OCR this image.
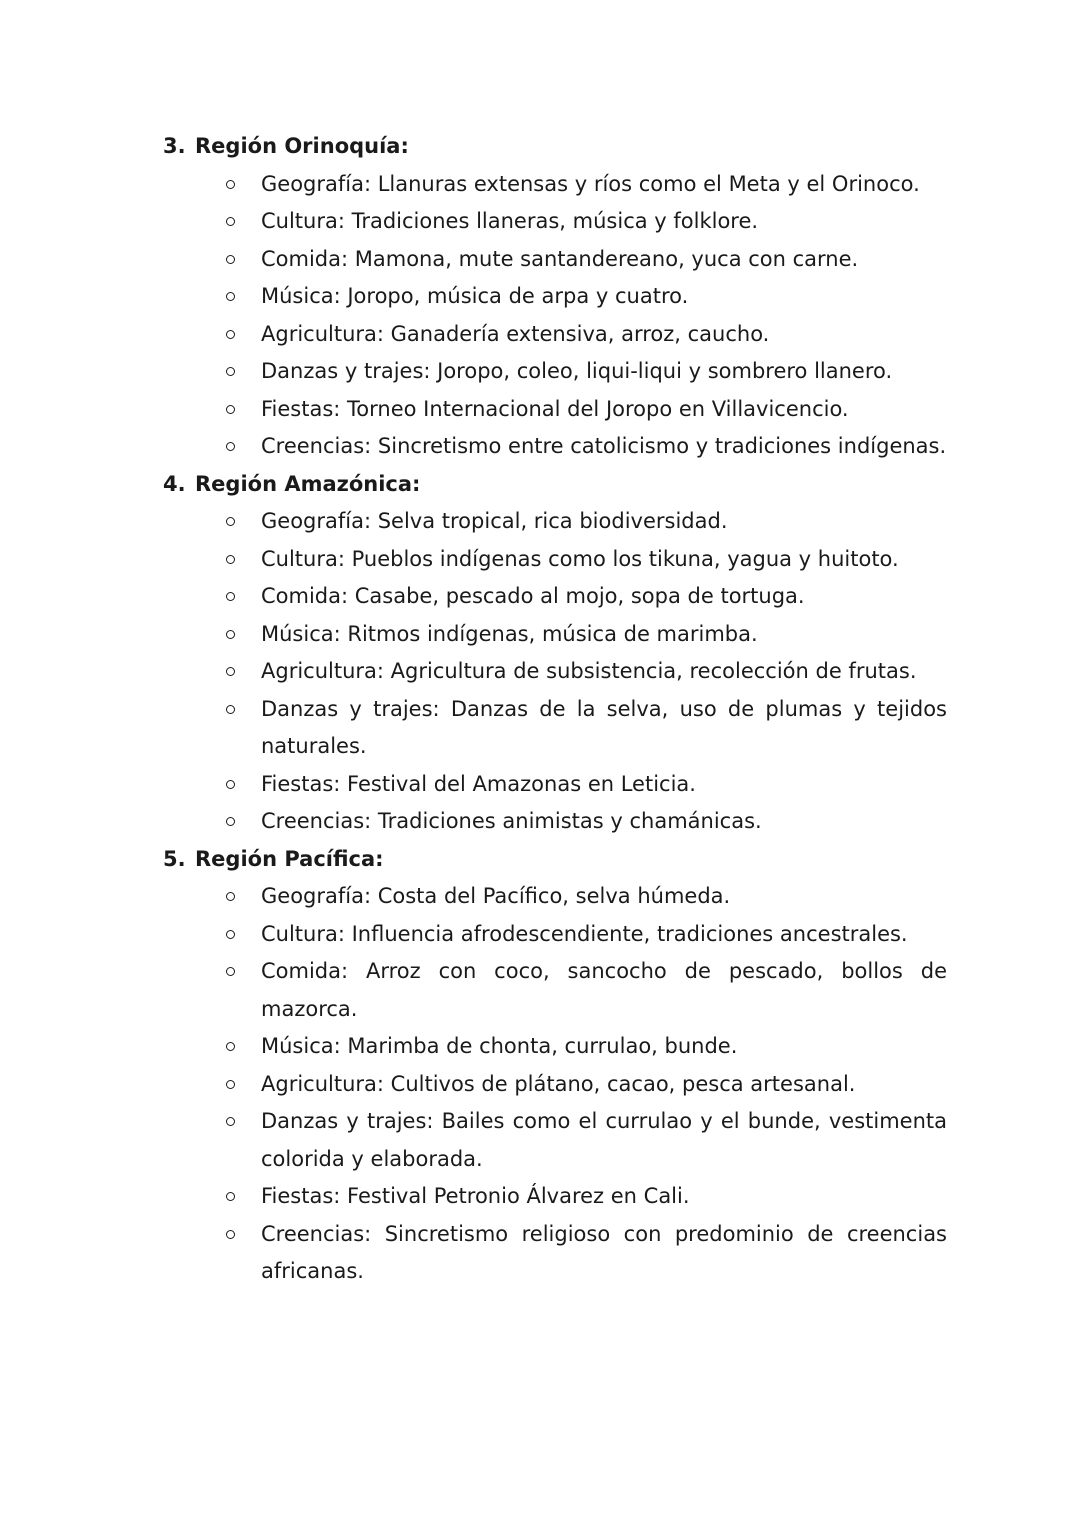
3. Región Orinoquía:
Geografía: Llanuras extensas y ríos como el Meta y el Orinoco.
Cultura: Tradiciones llaneras, música y folklore.
Comida: Mamona, mute santandereano, yuca con carne.
Música: Joropo, música de arpa y cuatro.
Agricultura: Ganadería extensiva, arroz, caucho.
Danzas y trajes: Joropo, coleo, liqui-liqui y sombrero llanero.
Fiestas: Torneo Internacional del Joropo en Villavicencio.
Creencias: Sincretismo entre catolicismo y tradiciones indígenas.
4. Región Amazónica:
Geografía: Selva tropical, rica biodiversidad.
Cultura: Pueblos indígenas como los tikuna, yagua y huitoto.
Comida: Casabe, pescado al mojo, sopa de tortuga.
Música: Ritmos indígenas, música de marimba.
Agricultura: Agricultura de subsistencia, recolección de frutas.
Danzas y trajes: Danzas de la selva, uso de plumas y tejidos naturales.
Fiestas: Festival del Amazonas en Leticia.
Creencias: Tradiciones animistas y chamánicas.
5. Región Pacífica:
Geografía: Costa del Pacífico, selva húmeda.
Cultura: Influencia afrodescendiente, tradiciones ancestrales.
Comida: Arroz con coco, sancocho de pescado, bollos de mazorca.
Música: Marimba de chonta, currulao, bunde.
Agricultura: Cultivos de plátano, cacao, pesca artesanal.
Danzas y trajes: Bailes como el currulao y el bunde, vestimenta colorida y elaborada.
Fiestas: Festival Petronio Álvarez en Cali.
Creencias: Sincretismo religioso con predominio de creencias africanas.
